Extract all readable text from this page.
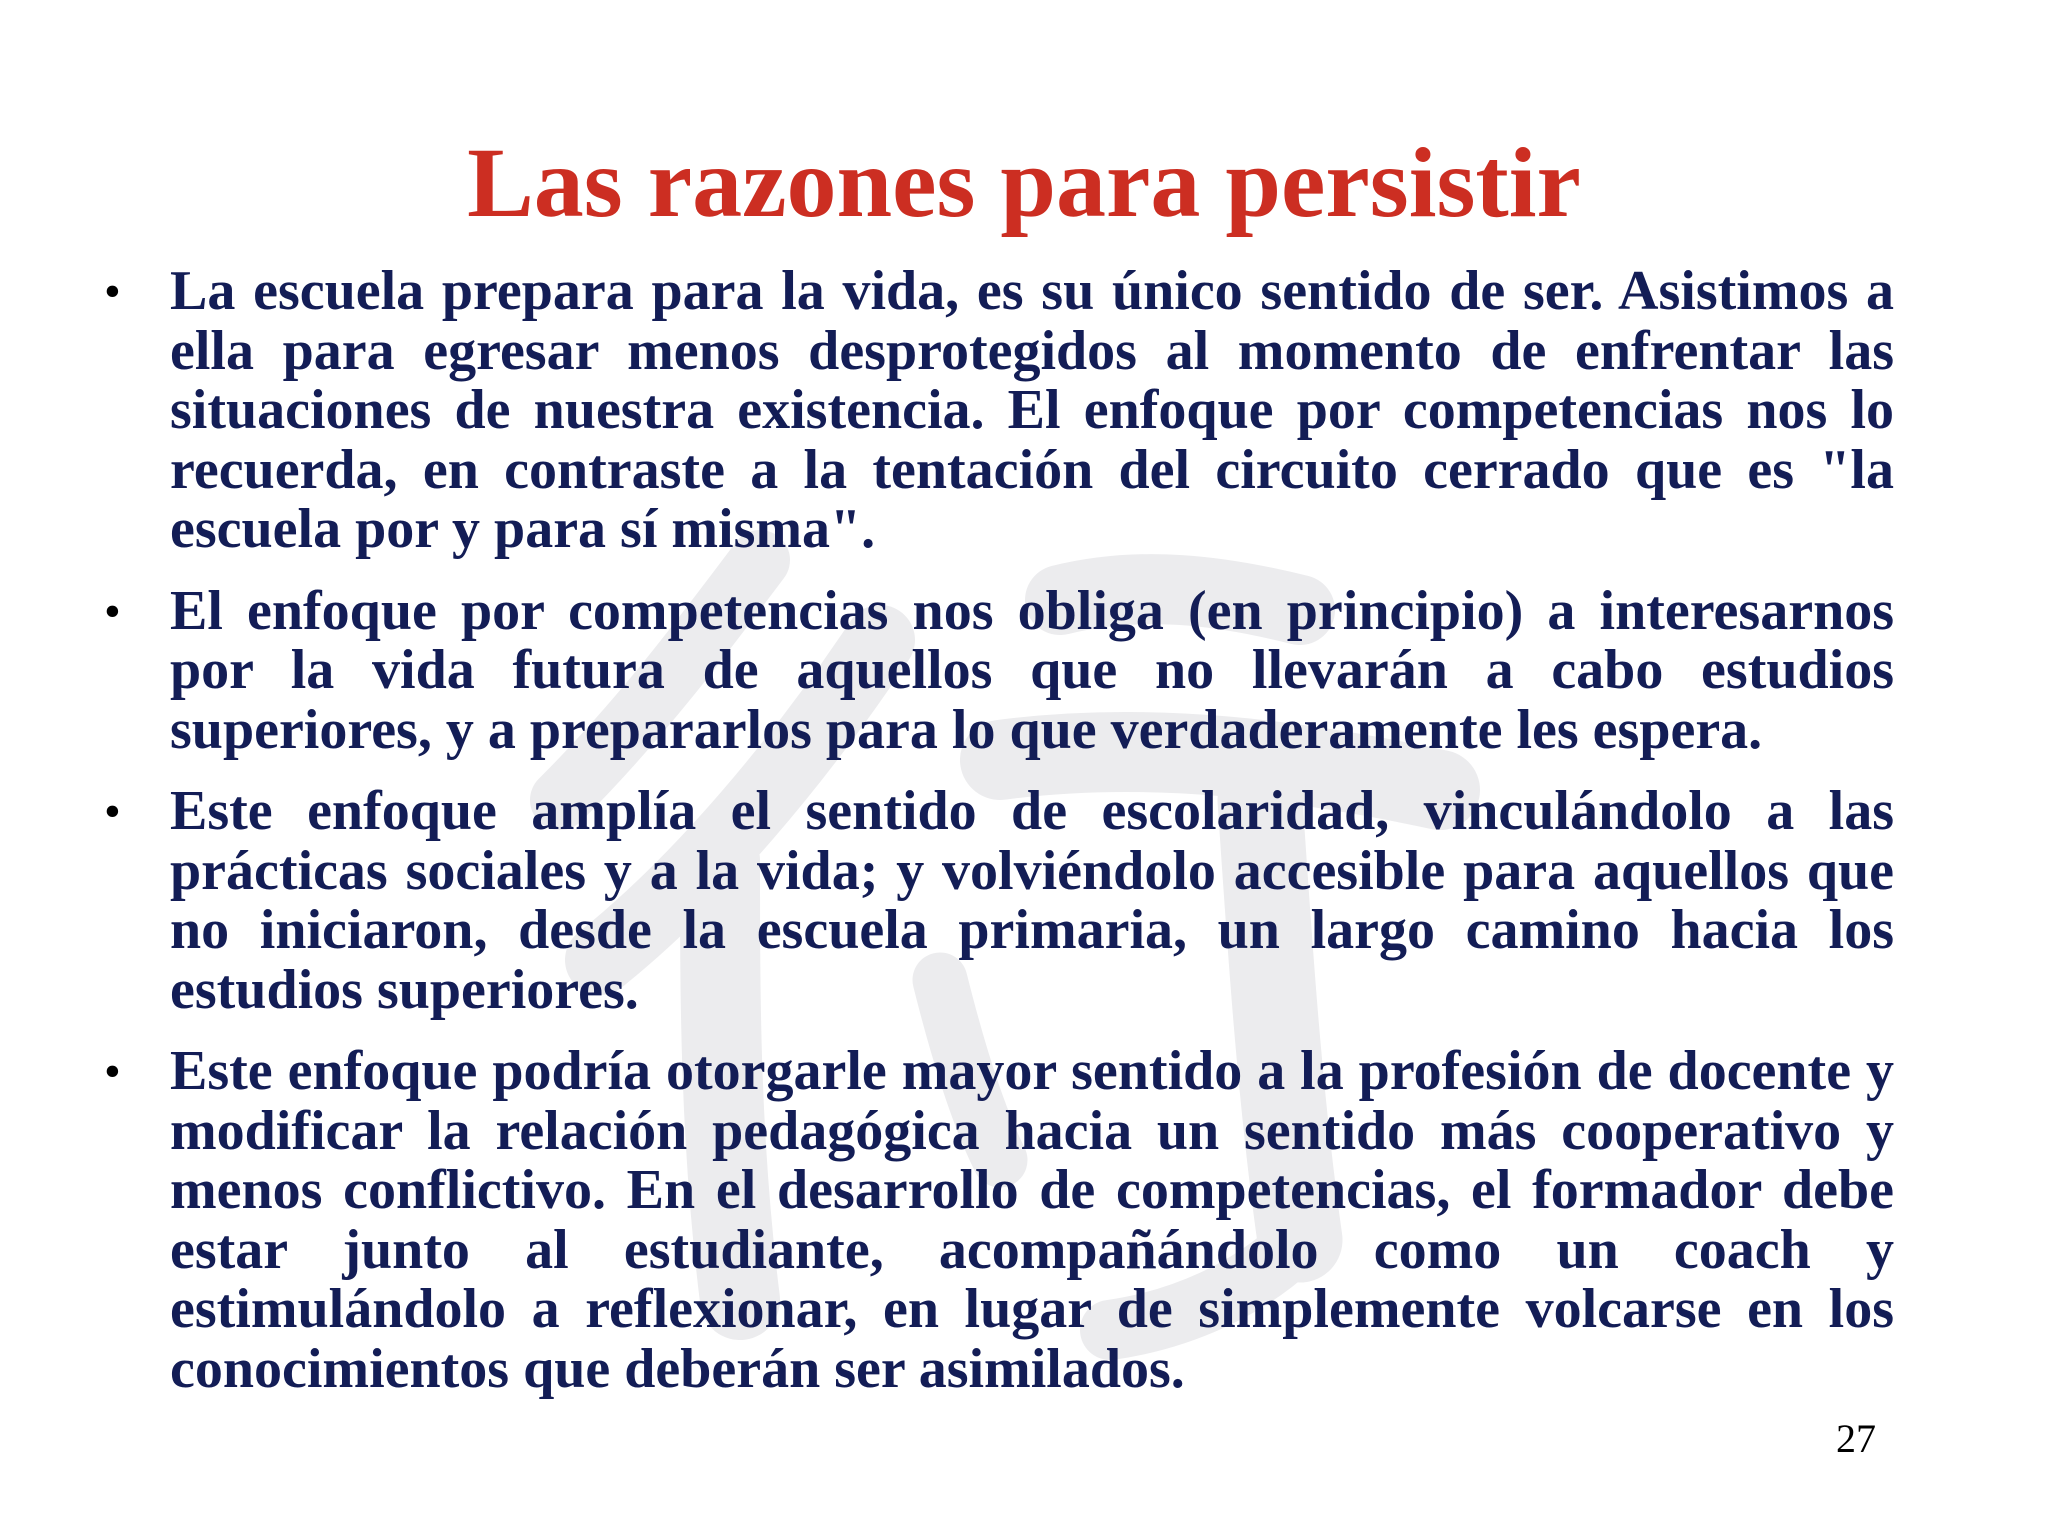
Las razones para persistir
• La escuela prepara para la vida, es su único sentido de ser. Asistimos a ella para egresar menos desprotegidos al momento de enfrentar las situaciones de nuestra existencia. El enfoque por competencias nos lo recuerda, en contraste a la tentación del circuito cerrado que es "la escuela por y para sí misma".
• El enfoque por competencias nos obliga (en principio) a interesarnos por la vida futura de aquellos que no llevarán a cabo estudios superiores, y a prepararlos para lo que verdaderamente les espera.
• Este enfoque amplía el sentido de escolaridad, vinculándolo a las prácticas sociales y a la vida; y volviéndolo accesible para aquellos que no iniciaron, desde la escuela primaria, un largo camino hacia los estudios superiores.
• Este enfoque podría otorgarle mayor sentido a la profesión de docente y modificar la relación pedagógica hacia un sentido más cooperativo y menos conflictivo. En el desarrollo de competencias, el formador debe estar junto al estudiante, acompañándolo como un coach y estimulándolo a reflexionar, en lugar de simplemente volcarse en los conocimientos que deberán ser asimilados.
27
